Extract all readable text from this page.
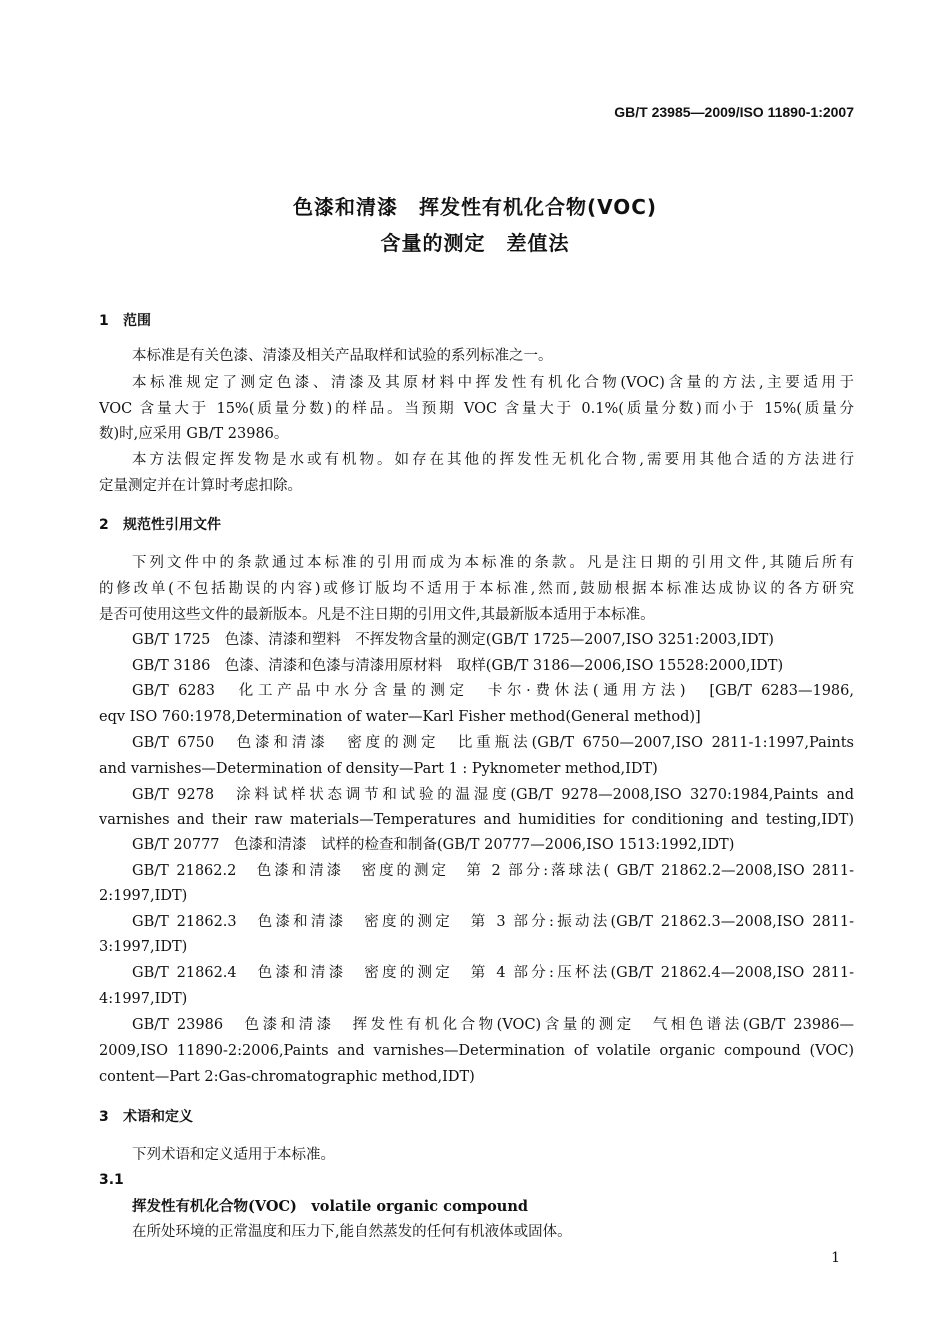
GB/T 23985—2009/ISO 11890-1:2007
色漆和清漆　挥发性有机化合物(VOC)
含量的测定　差值法
1 范围
本标准是有关色漆、清漆及相关产品取样和试验的系列标准之一。
本标准规定了测定色漆、清漆及其原材料中挥发性有机化合物(VOC)含量的方法,主要适用于
VOC 含量大于 15%(质量分数)的样品。当预期 VOC 含量大于 0.1%(质量分数)而小于 15%(质量分
数)时,应采用 GB/T 23986。
本方法假定挥发物是水或有机物。如存在其他的挥发性无机化合物,需要用其他合适的方法进行
定量测定并在计算时考虑扣除。
2 规范性引用文件
下列文件中的条款通过本标准的引用而成为本标准的条款。凡是注日期的引用文件,其随后所有
的修改单(不包括勘误的内容)或修订版均不适用于本标准,然而,鼓励根据本标准达成协议的各方研究
是否可使用这些文件的最新版本。凡是不注日期的引用文件,其最新版本适用于本标准。
GB/T 1725　色漆、清漆和塑料　不挥发物含量的测定(GB/T 1725—2007,ISO 3251:2003,IDT)
GB/T 3186　色漆、清漆和色漆与清漆用原材料　取样(GB/T 3186—2006,ISO 15528:2000,IDT)
GB/T 6283　化工产品中水分含量的测定　卡尔·费休法(通用方法)　[GB/T 6283—1986,
eqv ISO 760:1978,Determination of water—Karl Fisher method(General method)]
GB/T 6750　色漆和清漆　密度的测定　比重瓶法(GB/T 6750—2007,ISO 2811-1:1997,Paints
and varnishes—Determination of density—Part 1 : Pyknometer method,IDT)
GB/T 9278　涂料试样状态调节和试验的温湿度(GB/T 9278—2008,ISO 3270:1984,Paints and
varnishes and their raw materials—Temperatures and humidities for conditioning and testing,IDT)
GB/T 20777　色漆和清漆　试样的检查和制备(GB/T 20777—2006,ISO 1513:1992,IDT)
GB/T 21862.2　色漆和清漆　密度的测定　第 2 部分:落球法( GB/T 21862.2—2008,ISO 2811-
2:1997,IDT)
GB/T 21862.3　色漆和清漆　密度的测定　第 3 部分:振动法(GB/T 21862.3—2008,ISO 2811-
3:1997,IDT)
GB/T 21862.4　色漆和清漆　密度的测定　第 4 部分:压杯法(GB/T 21862.4—2008,ISO 2811-
4:1997,IDT)
GB/T 23986　色漆和清漆　挥发性有机化合物(VOC)含量的测定　气相色谱法(GB/T 23986—
2009,ISO 11890-2:2006,Paints and varnishes—Determination of volatile organic compound (VOC)
content—Part 2:Gas-chromatographic method,IDT)
3 术语和定义
下列术语和定义适用于本标准。
3.1
挥发性有机化合物(VOC)　volatile organic compound
在所处环境的正常温度和压力下,能自然蒸发的任何有机液体或固体。
1
